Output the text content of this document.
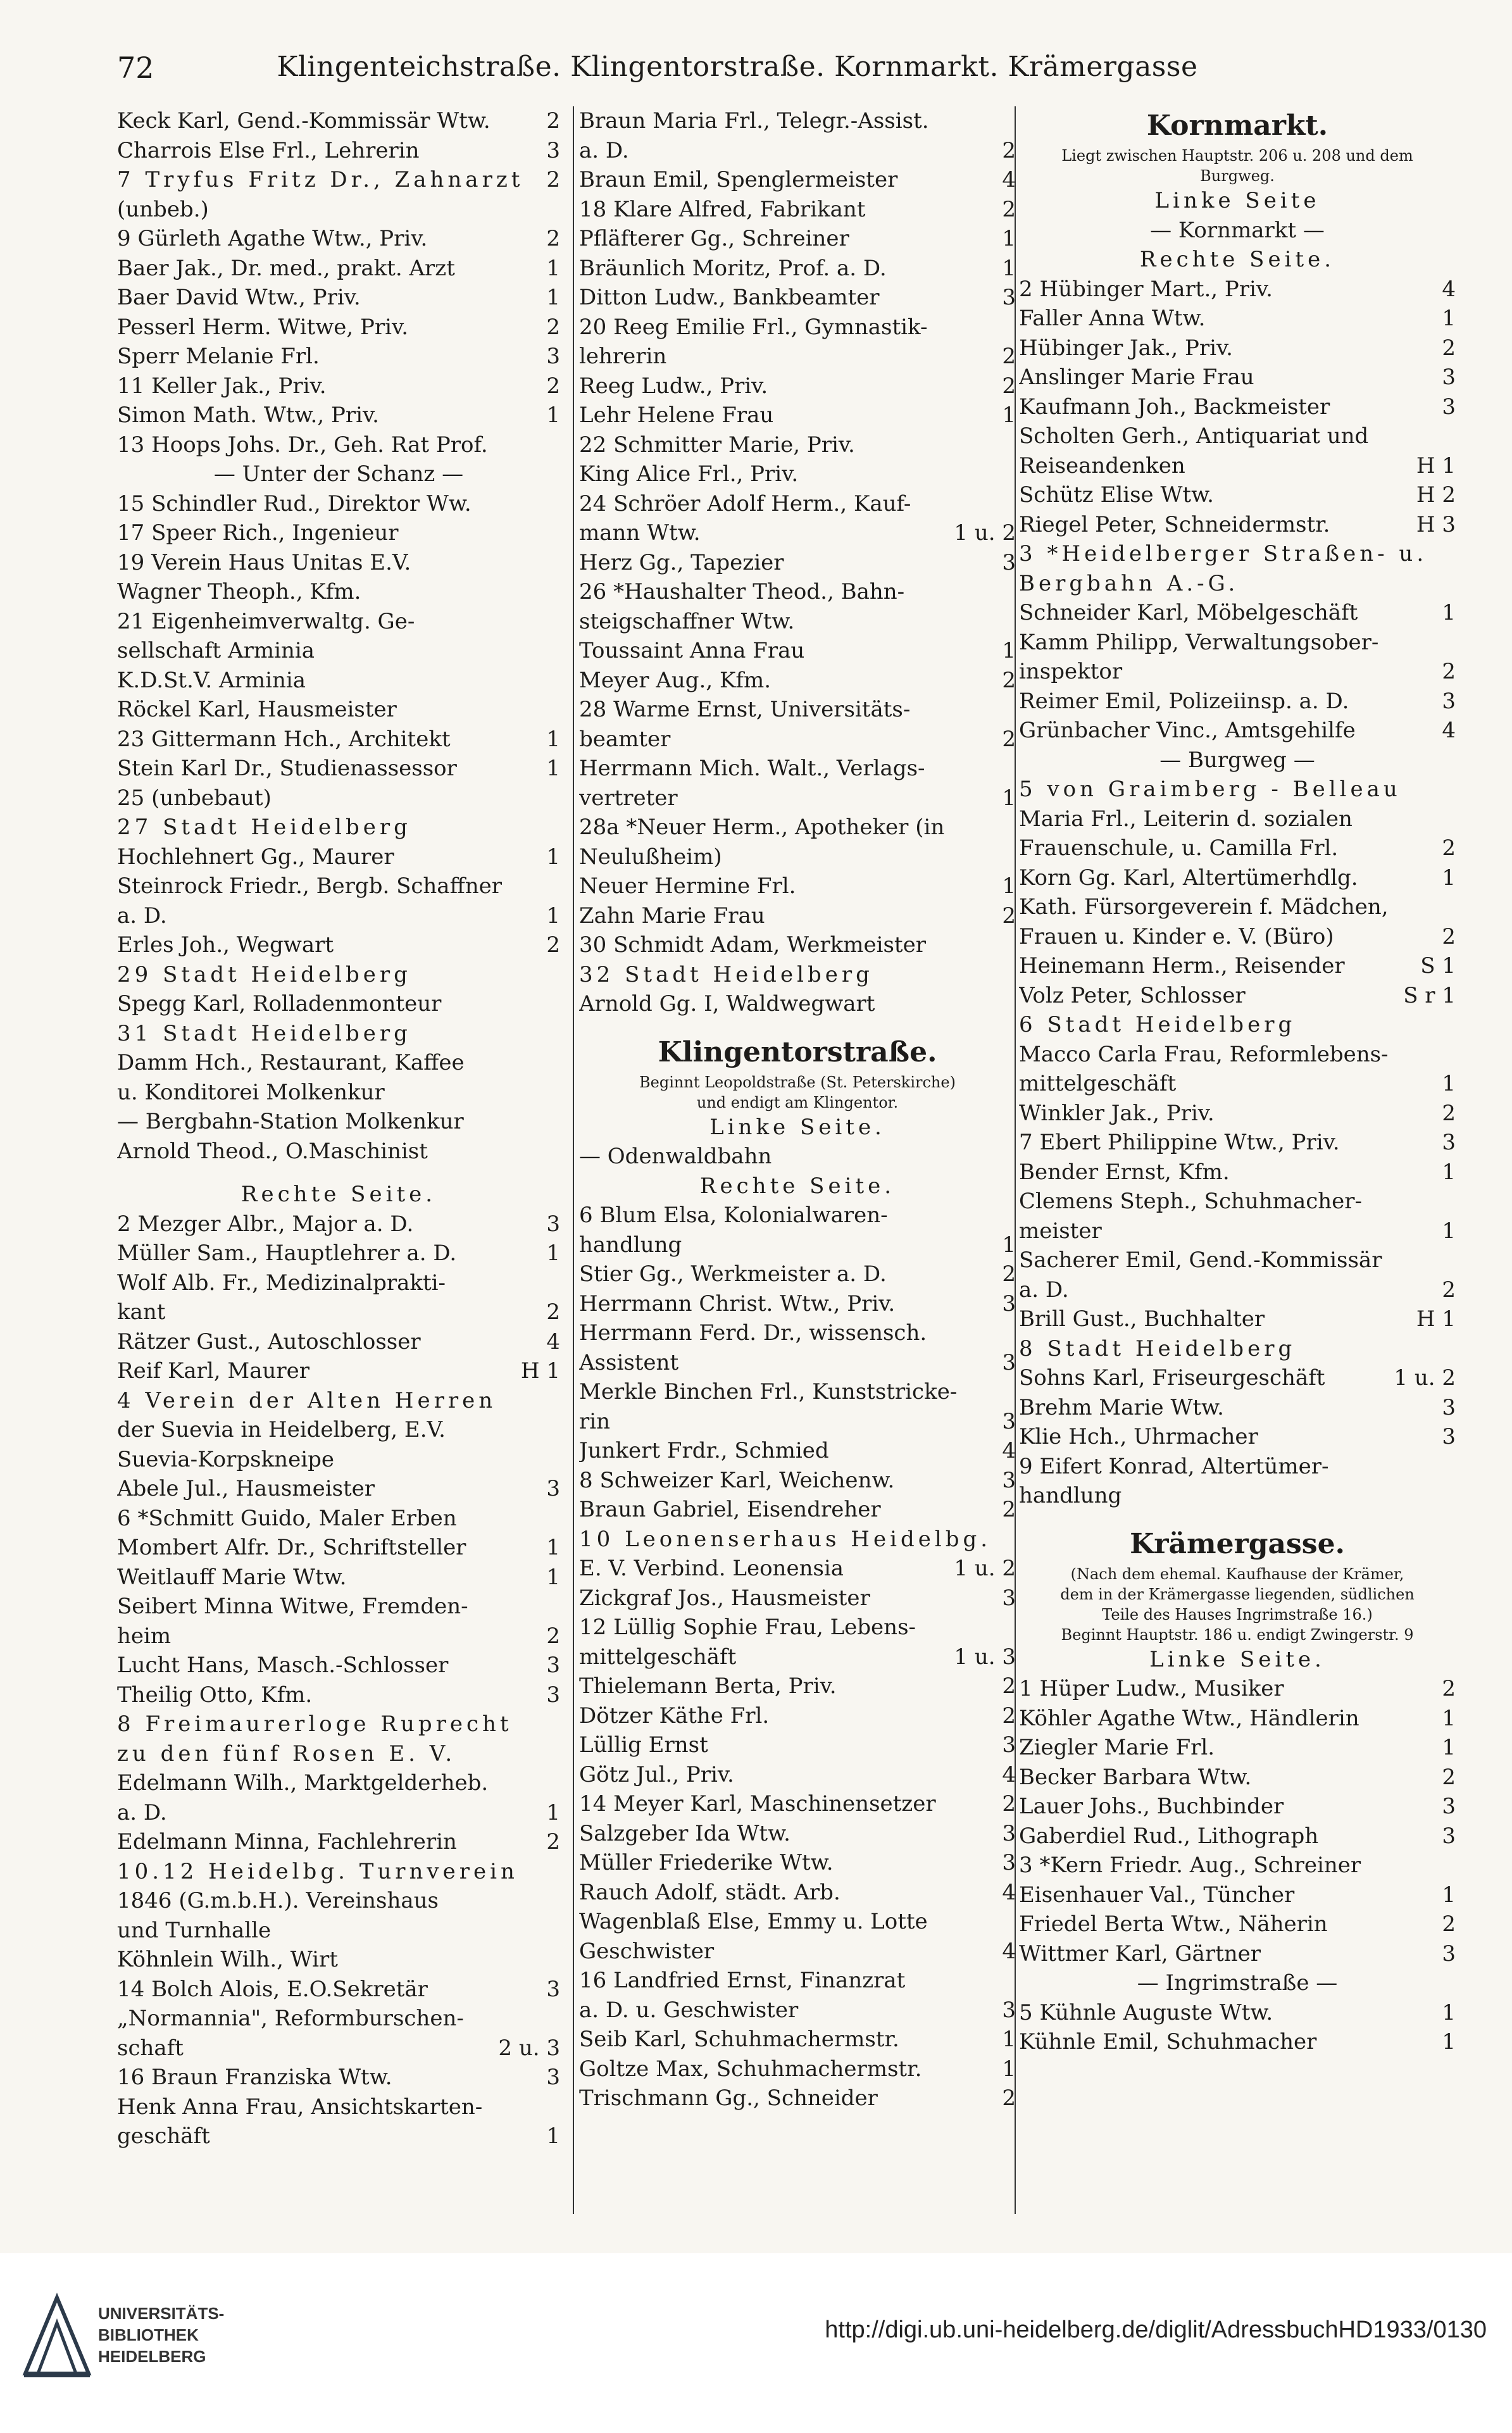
72	Klingenteichstraße. Klingentorstraße. Kornmarkt. Krämergasse
Keck Karl, Gend.-Kommissär Wtw.	2
Charrois Else Frl., Lehrerin	3
7 Tryfus Fritz Dr., Zahnarzt	2
(unbeb.)
9 Gürleth Agathe Wtw., Priv.	2
Baer Jak., Dr. med., prakt. Arzt	1
Baer David Wtw., Priv.	1
Pesserl Herm. Witwe, Priv.	2
Sperr Melanie Frl.	3
11 Keller Jak., Priv.	2
Simon Math. Wtw., Priv.	1
13 Hoops Johs. Dr., Geh. Rat Prof.
— Unter der Schanz —
15 Schindler Rud., Direktor Ww.
17 Speer Rich., Ingenieur
19 Verein Haus Unitas E.V.
Wagner Theoph., Kfm.
21 Eigenheimverwaltg. Ge-
sellschaft Arminia
K.D.St.V. Arminia
Röckel Karl, Hausmeister
23 Gittermann Hch., Architekt	1
Stein Karl Dr., Studienassessor	1
25 (unbebaut)
27 Stadt Heidelberg
Hochlehnert Gg., Maurer	1
Steinrock Friedr., Bergb. Schaffner
a. D.	1
Erles Joh., Wegwart	2
29 Stadt Heidelberg
Spegg Karl, Rolladenmonteur
31 Stadt Heidelberg
Damm Hch., Restaurant, Kaffee
u. Konditorei Molkenkur
— Bergbahn-Station Molkenkur
Arnold Theod., O.Maschinist
Rechte Seite.
2 Mezger Albr., Major a. D.	3
Müller Sam., Hauptlehrer a. D.	1
Wolf Alb. Fr., Medizinalprakti-
kant	2
Rätzer Gust., Autoschlosser	4
Reif Karl, Maurer	H 1
4 Verein der Alten Herren
der Suevia in Heidelberg, E.V.
Suevia-Korpskneipe
Abele Jul., Hausmeister	3
6 *Schmitt Guido, Maler Erben
Mombert Alfr. Dr., Schriftsteller	1
Weitlauff Marie Wtw.	1
Seibert Minna Witwe, Fremden-
heim	2
Lucht Hans, Masch.-Schlosser	3
Theilig Otto, Kfm.	3
8 Freimaurerloge Ruprecht
zu den fünf Rosen E. V.
Edelmann Wilh., Marktgelderheb.
a. D.	1
Edelmann Minna, Fachlehrerin	2
10.12 Heidelbg. Turnverein
1846 (G.m.b.H.). Vereinshaus
und Turnhalle
Köhnlein Wilh., Wirt
14 Bolch Alois, E.O.Sekretär	3
„Normannia", Reformburschen-
schaft	2 u. 3
16 Braun Franziska Wtw.	3
Henk Anna Frau, Ansichtskarten-
geschäft	1
Braun Maria Frl., Telegr.-Assist.
a. D.	2
Braun Emil, Spenglermeister	4
18 Klare Alfred, Fabrikant	2
Pfläfterer Gg., Schreiner	1
Bräunlich Moritz, Prof. a. D.	1
Ditton Ludw., Bankbeamter	3
20 Reeg Emilie Frl., Gymnastik-
lehrerin	2
Reeg Ludw., Priv.	2
Lehr Helene Frau	1
22 Schmitter Marie, Priv.
King Alice Frl., Priv.
24 Schröer Adolf Herm., Kauf-
mann Wtw.	1 u. 2
Herz Gg., Tapezier	3
26 *Haushalter Theod., Bahn-
steigschaffner Wtw.
Toussaint Anna Frau	1
Meyer Aug., Kfm.	2
28 Warme Ernst, Universitäts-
beamter	2
Herrmann Mich. Walt., Verlags-
vertreter	1
28a *Neuer Herm., Apotheker (in
Neulußheim)
Neuer Hermine Frl.	1
Zahn Marie Frau	2
30 Schmidt Adam, Werkmeister
32 Stadt Heidelberg
Arnold Gg. I, Waldwegwart
Klingentorstraße.
Beginnt Leopoldstraße (St. Peterskirche)
und endigt am Klingentor.
Linke Seite.
— Odenwaldbahn
Rechte Seite.
6 Blum Elsa, Kolonialwaren-
handlung	1
Stier Gg., Werkmeister a. D.	2
Herrmann Christ. Wtw., Priv.	3
Herrmann Ferd. Dr., wissensch.
Assistent	3
Merkle Binchen Frl., Kunststricke-
rin	3
Junkert Frdr., Schmied	4
8 Schweizer Karl, Weichenw.	3
Braun Gabriel, Eisendreher	2
10 Leonenserhaus Heidelbg.
E. V. Verbind. Leonensia	1 u. 2
Zickgraf Jos., Hausmeister	3
12 Lüllig Sophie Frau, Lebens-
mittelgeschäft	1 u. 3
Thielemann Berta, Priv.	2
Dötzer Käthe Frl.	2
Lüllig Ernst	3
Götz Jul., Priv.	4
14 Meyer Karl, Maschinensetzer	2
Salzgeber Ida Wtw.	3
Müller Friederike Wtw.	3
Rauch Adolf, städt. Arb.	4
Wagenblaß Else, Emmy u. Lotte
Geschwister	4
16 Landfried Ernst, Finanzrat
a. D. u. Geschwister	3
Seib Karl, Schuhmachermstr.	1
Goltze Max, Schuhmachermstr.	1
Trischmann Gg., Schneider	2
Kornmarkt.
Liegt zwischen Hauptstr. 206 u. 208 und dem
Burgweg.
Linke Seite
— Kornmarkt —
Rechte Seite.
2 Hübinger Mart., Priv.	4
Faller Anna Wtw.	1
Hübinger Jak., Priv.	2
Anslinger Marie Frau	3
Kaufmann Joh., Backmeister	3
Scholten Gerh., Antiquariat und
Reiseandenken	H 1
Schütz Elise Wtw.	H 2
Riegel Peter, Schneidermstr.	H 3
3 *Heidelberger Straßen- u.
Bergbahn A.-G.
Schneider Karl, Möbelgeschäft	1
Kamm Philipp, Verwaltungsober-
inspektor	2
Reimer Emil, Polizeiinsp. a. D.	3
Grünbacher Vinc., Amtsgehilfe	4
— Burgweg —
5 von Graimberg - Belleau
Maria Frl., Leiterin d. sozialen
Frauenschule, u. Camilla Frl.	2
Korn Gg. Karl, Altertümerhdlg.	1
Kath. Fürsorgeverein f. Mädchen,
Frauen u. Kinder e. V. (Büro)	2
Heinemann Herm., Reisender	S 1
Volz Peter, Schlosser	S r 1
6 Stadt Heidelberg
Macco Carla Frau, Reformlebens-
mittelgeschäft	1
Winkler Jak., Priv.	2
7 Ebert Philippine Wtw., Priv.	3
Bender Ernst, Kfm.	1
Clemens Steph., Schuhmacher-
meister	1
Sacherer Emil, Gend.-Kommissär
a. D.	2
Brill Gust., Buchhalter	H 1
8 Stadt Heidelberg
Sohns Karl, Friseurgeschäft	1 u. 2
Brehm Marie Wtw.	3
Klie Hch., Uhrmacher	3
9 Eifert Konrad, Altertümer-
handlung
Krämergasse.
(Nach dem ehemal. Kaufhause der Krämer,
dem in der Krämergasse liegenden, südlichen
Teile des Hauses Ingrimstraße 16.)
Beginnt Hauptstr. 186 u. endigt Zwingerstr. 9
Linke Seite.
1 Hüper Ludw., Musiker	2
Köhler Agathe Wtw., Händlerin	1
Ziegler Marie Frl.	1
Becker Barbara Wtw.	2
Lauer Johs., Buchbinder	3
Gaberdiel Rud., Lithograph	3
3 *Kern Friedr. Aug., Schreiner
Eisenhauer Val., Tüncher	1
Friedel Berta Wtw., Näherin	2
Wittmer Karl, Gärtner	3
— Ingrimstraße —
5 Kühnle Auguste Wtw.	1
Kühnle Emil, Schuhmacher	1
UNIVERSITÄTS-
BIBLIOTHEK
HEIDELBERG
http://digi.ub.uni-heidelberg.de/diglit/AdressbuchHD1933/0130
